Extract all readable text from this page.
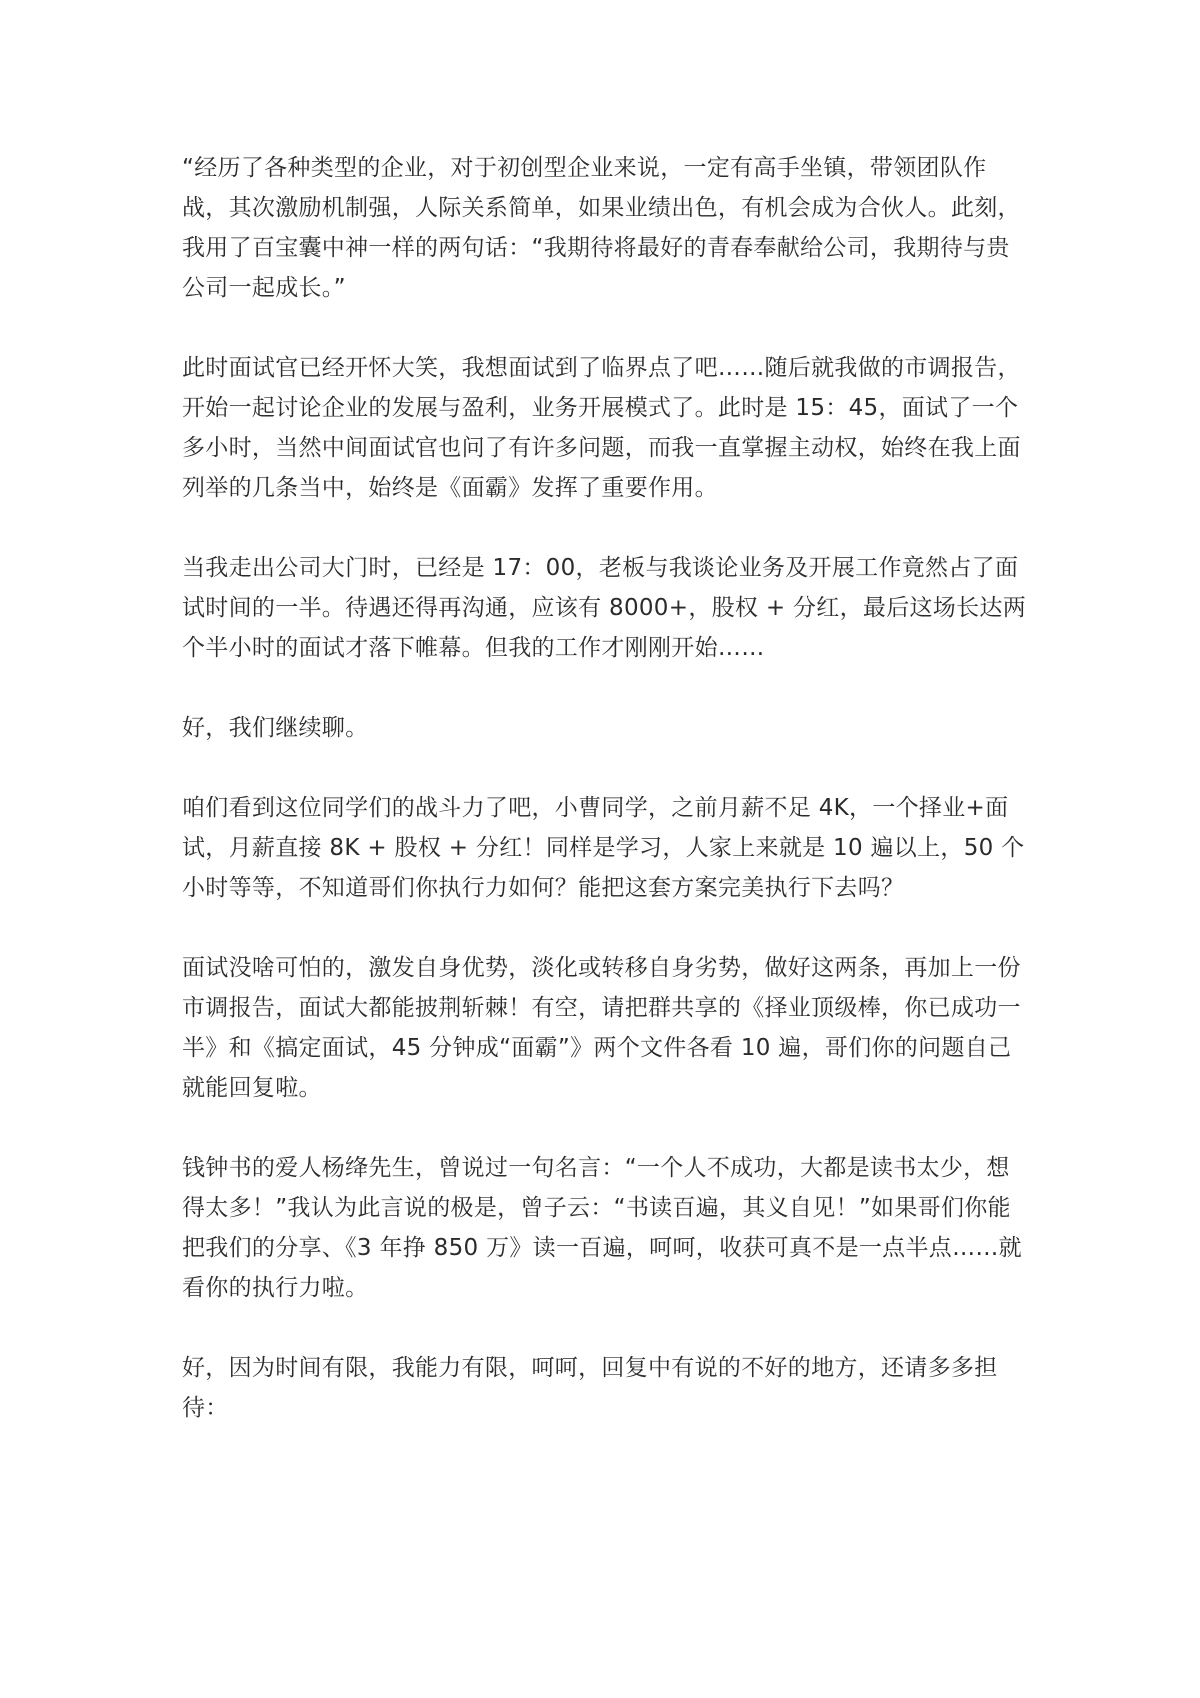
“经历了各种类型的企业，对于初创型企业来说，一定有高手坐镇，带领团队作战，其次激励机制强，人际关系简单，如果业绩出色，有机会成为合伙人。此刻，我用了百宝囊中神一样的两句话：“我期待将最好的青春奉献给公司，我期待与贵公司一起成长。”

此时面试官已经开怀大笑，我想面试到了临界点了吧……随后就我做的市调报告，开始一起讨论企业的发展与盈利，业务开展模式了。此时是 15：45，面试了一个多小时，当然中间面试官也问了有许多问题，而我一直掌握主动权，始终在我上面列举的几条当中，始终是《面霸》发挥了重要作用。

当我走出公司大门时，已经是 17：00，老板与我谈论业务及开展工作竟然占了面试时间的一半。待遇还得再沟通，应该有 8000+，股权 + 分红，最后这场长达两个半小时的面试才落下帷幕。但我的工作才刚刚开始……

好，我们继续聊。

咱们看到这位同学们的战斗力了吧，小曹同学，之前月薪不足 4K，一个择业+面试，月薪直接 8K + 股权 + 分红！同样是学习，人家上来就是 10 遍以上，50 个小时等等，不知道哥们你执行力如何？能把这套方案完美执行下去吗？

面试没啥可怕的，激发自身优势，淡化或转移自身劣势，做好这两条，再加上一份市调报告，面试大都能披荆斩棘！有空，请把群共享的《择业顶级棒，你已成功一半》和《搞定面试，45 分钟成“面霸”》两个文件各看 10 遍，哥们你的问题自己就能回复啦。

钱钟书的爱人杨绛先生，曾说过一句名言：“一个人不成功，大都是读书太少，想得太多！”我认为此言说的极是，曾子云：“书读百遍，其义自见！”如果哥们你能把我们的分享、《3 年挣 850 万》读一百遍，呵呵，收获可真不是一点半点……就看你的执行力啦。

好，因为时间有限，我能力有限，呵呵，回复中有说的不好的地方，还请多多担待：
